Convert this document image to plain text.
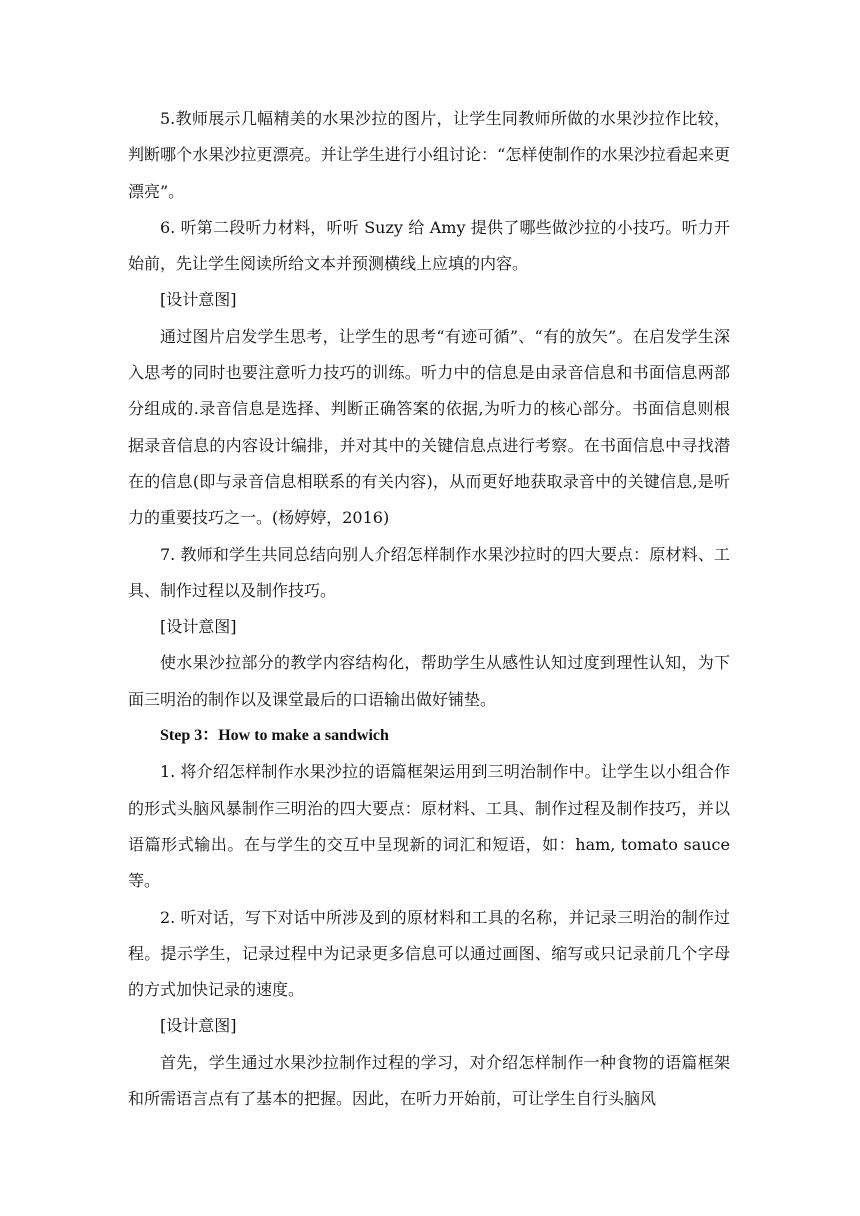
5.教师展示几幅精美的水果沙拉的图片，让学生同教师所做的水果沙拉作比较，判断哪个水果沙拉更漂亮。并让学生进行小组讨论：“怎样使制作的水果沙拉看起来更漂亮”。

6. 听第二段听力材料，听听 Suzy 给 Amy 提供了哪些做沙拉的小技巧。听力开始前，先让学生阅读所给文本并预测横线上应填的内容。

[设计意图]

通过图片启发学生思考，让学生的思考“有迹可循”、“有的放矢”。在启发学生深入思考的同时也要注意听力技巧的训练。听力中的信息是由录音信息和书面信息两部分组成的.录音信息是选择、判断正确答案的依据,为听力的核心部分。书面信息则根据录音信息的内容设计编排，并对其中的关键信息点进行考察。在书面信息中寻找潜在的信息(即与录音信息相联系的有关内容)，从而更好地获取录音中的关键信息,是听力的重要技巧之一。(杨婷婷，2016)

7. 教师和学生共同总结向别人介绍怎样制作水果沙拉时的四大要点：原材料、工具、制作过程以及制作技巧。

[设计意图]

使水果沙拉部分的教学内容结构化，帮助学生从感性认知过度到理性认知，为下面三明治的制作以及课堂最后的口语输出做好铺垫。

Step 3：How to make a sandwich

1. 将介绍怎样制作水果沙拉的语篇框架运用到三明治制作中。让学生以小组合作的形式头脑风暴制作三明治的四大要点：原材料、工具、制作过程及制作技巧，并以语篇形式输出。在与学生的交互中呈现新的词汇和短语，如：ham, tomato sauce 等。

2. 听对话，写下对话中所涉及到的原材料和工具的名称，并记录三明治的制作过程。提示学生，记录过程中为记录更多信息可以通过画图、缩写或只记录前几个字母的方式加快记录的速度。

[设计意图]

首先，学生通过水果沙拉制作过程的学习，对介绍怎样制作一种食物的语篇框架和所需语言点有了基本的把握。因此，在听力开始前，可让学生自行头脑风
